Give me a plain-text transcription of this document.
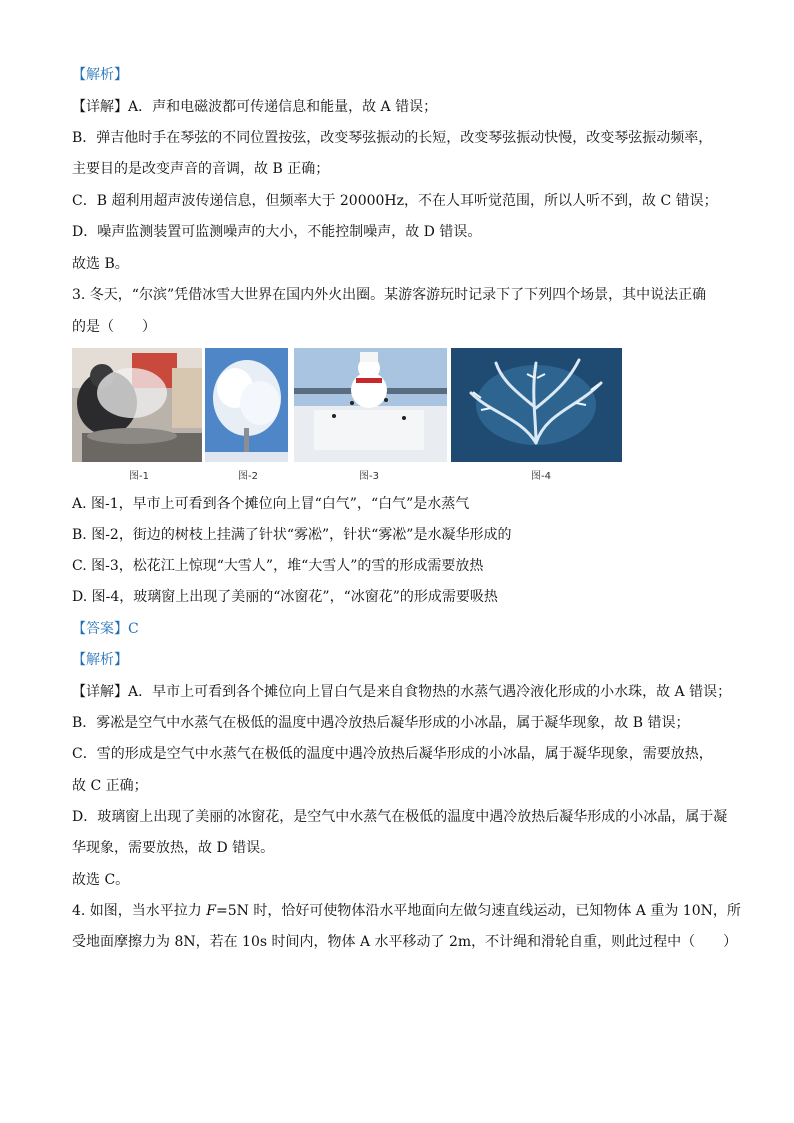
【解析】
【详解】A．声和电磁波都可传递信息和能量，故 A 错误；
B．弹吉他时手在琴弦的不同位置按弦，改变琴弦振动的长短，改变琴弦振动快慢，改变琴弦振动频率，
主要目的是改变声音的音调，故 B 正确；
C．B 超利用超声波传递信息，但频率大于 20000Hz，不在人耳听觉范围，所以人听不到，故 C 错误；
D．噪声监测装置可监测噪声的大小，不能控制噪声，故 D 错误。
故选 B。
3. 冬天，“尔滨”凭借冰雪大世界在国内外火出圈。某游客游玩时记录下了下列四个场景，其中说法正确
的是（　　）
图-1	图-2	图-3	图-4
A. 图-1，早市上可看到各个摊位向上冒“白气”，“白气”是水蒸气
B. 图-2，街边的树枝上挂满了针状“雾凇”，针状“雾凇”是水凝华形成的
C. 图-3，松花江上惊现“大雪人”，堆“大雪人”的雪的形成需要放热
D. 图-4，玻璃窗上出现了美丽的“冰窗花”，“冰窗花”的形成需要吸热
【答案】C
【解析】
【详解】A．早市上可看到各个摊位向上冒白气是来自食物热的水蒸气遇冷液化形成的小水珠，故 A 错误；
B．雾凇是空气中水蒸气在极低的温度中遇冷放热后凝华形成的小冰晶，属于凝华现象，故 B 错误；
C．雪的形成是空气中水蒸气在极低的温度中遇冷放热后凝华形成的小冰晶，属于凝华现象，需要放热，
故 C 正确；
D．玻璃窗上出现了美丽的冰窗花，是空气中水蒸气在极低的温度中遇冷放热后凝华形成的小冰晶，属于凝
华现象，需要放热，故 D 错误。
故选 C。
4. 如图，当水平拉力 F=5N 时，恰好可使物体沿水平地面向左做匀速直线运动，已知物体 A 重为 10N，所
受地面摩擦力为 8N，若在 10s 时间内，物体 A 水平移动了 2m，不计绳和滑轮自重，则此过程中（　　）
